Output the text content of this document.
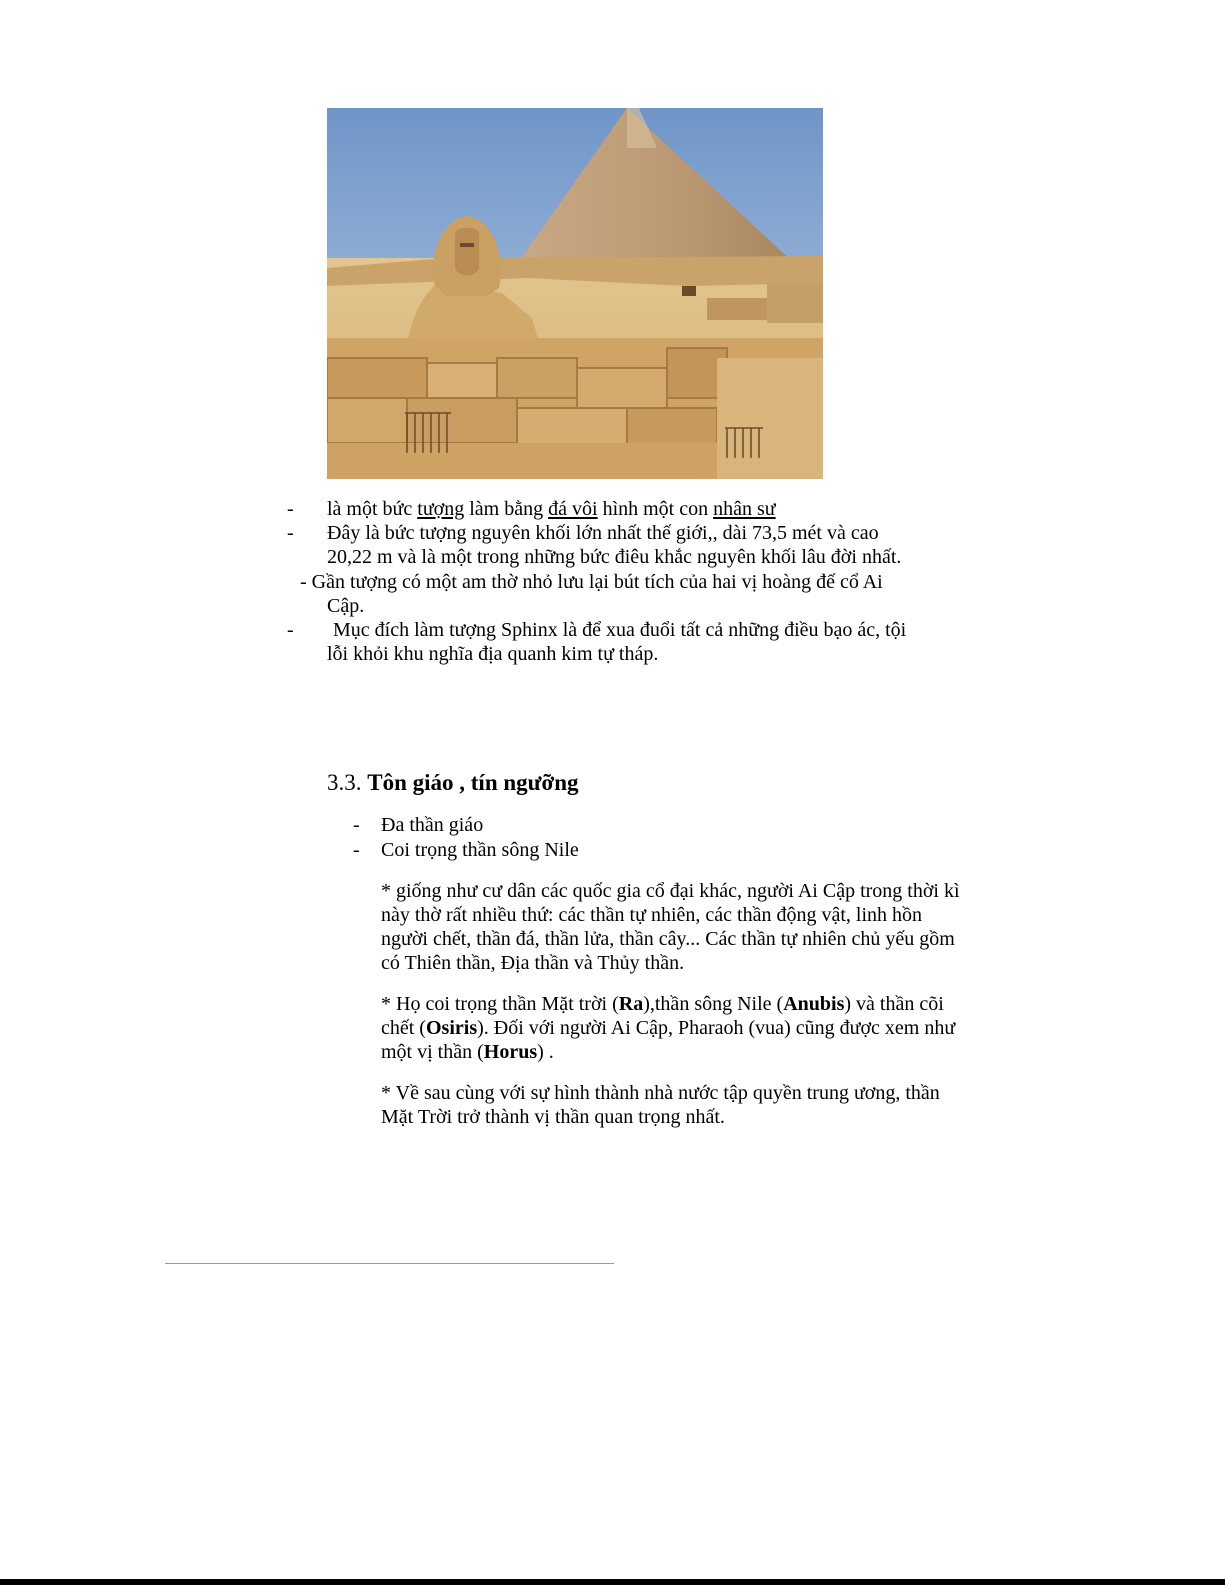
- là một bức tượng làm bằng đá vôi hình một con nhân sư
- Đây là bức tượng nguyên khối lớn nhất thế giới,, dài 73,5 mét và cao
20,22 m và là một trong những bức điêu khắc nguyên khối lâu đời nhất.
- Gần tượng có một am thờ nhỏ lưu lại bút tích của hai vị hoàng đế cổ Ai
Cập.
- Mục đích làm tượng Sphinx là để xua đuổi tất cả những điều bạo ác, tội
lỗi khỏi khu nghĩa địa quanh kim tự tháp.
3.3. Tôn giáo , tín ngưỡng
- Đa thần giáo
- Coi trọng thần sông Nile
* giống như cư dân các quốc gia cổ đại khác, người Ai Cập trong thời kì này thờ rất nhiều thứ: các thần tự nhiên, các thần động vật, linh hồn người chết, thần đá, thần lửa, thần cây... Các thần tự nhiên chủ yếu gồm có Thiên thần, Địa thần và Thủy thần.
* Họ coi trọng thần Mặt trời (Ra),thần sông Nile (Anubis) và thần cõi chết (Osiris). Đối với người Ai Cập, Pharaoh (vua) cũng được xem như một vị thần (Horus) .
* Về sau cùng với sự hình thành nhà nước tập quyền trung ương, thần Mặt Trời trở thành vị thần quan trọng nhất.
